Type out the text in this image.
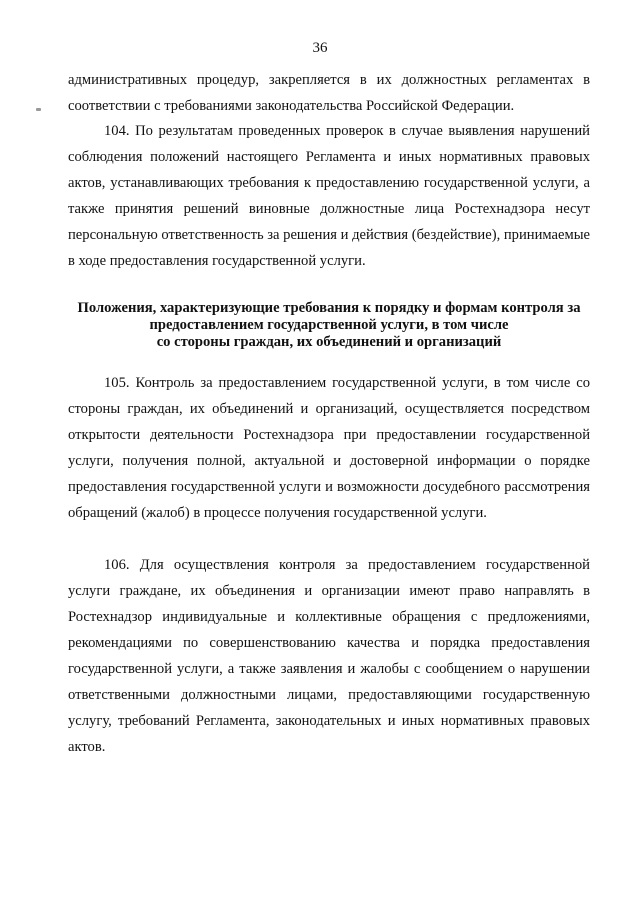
36

административных процедур, закрепляется в их должностных регламентах в соответствии с требованиями законодательства Российской Федерации.

104. По результатам проведенных проверок в случае выявления нарушений соблюдения положений настоящего Регламента и иных нормативных правовых актов, устанавливающих требования к предоставлению государственной услуги, а также принятия решений виновные должностные лица Ростехнадзора несут персональную ответственность за решения и действия (бездействие), принимаемые в ходе предоставления государственной услуги.

Положения, характеризующие требования к порядку и формам контроля за
предоставлением государственной услуги, в том числе
со стороны граждан, их объединений и организаций

105. Контроль за предоставлением государственной услуги, в том числе со стороны граждан, их объединений и организаций, осуществляется посредством открытости деятельности Ростехнадзора при предоставлении государственной услуги, получения полной, актуальной и достоверной информации о порядке предоставления государственной услуги и возможности досудебного рассмотрения обращений (жалоб) в процессе получения государственной услуги.

106. Для осуществления контроля за предоставлением государственной услуги граждане, их объединения и организации имеют право направлять в Ростехнадзор индивидуальные и коллективные обращения с предложениями, рекомендациями по совершенствованию качества и порядка предоставления государственной услуги, а также заявления и жалобы с сообщением о нарушении ответственными должностными лицами, предоставляющими государственную услугу, требований Регламента, законодательных и иных нормативных правовых актов.
